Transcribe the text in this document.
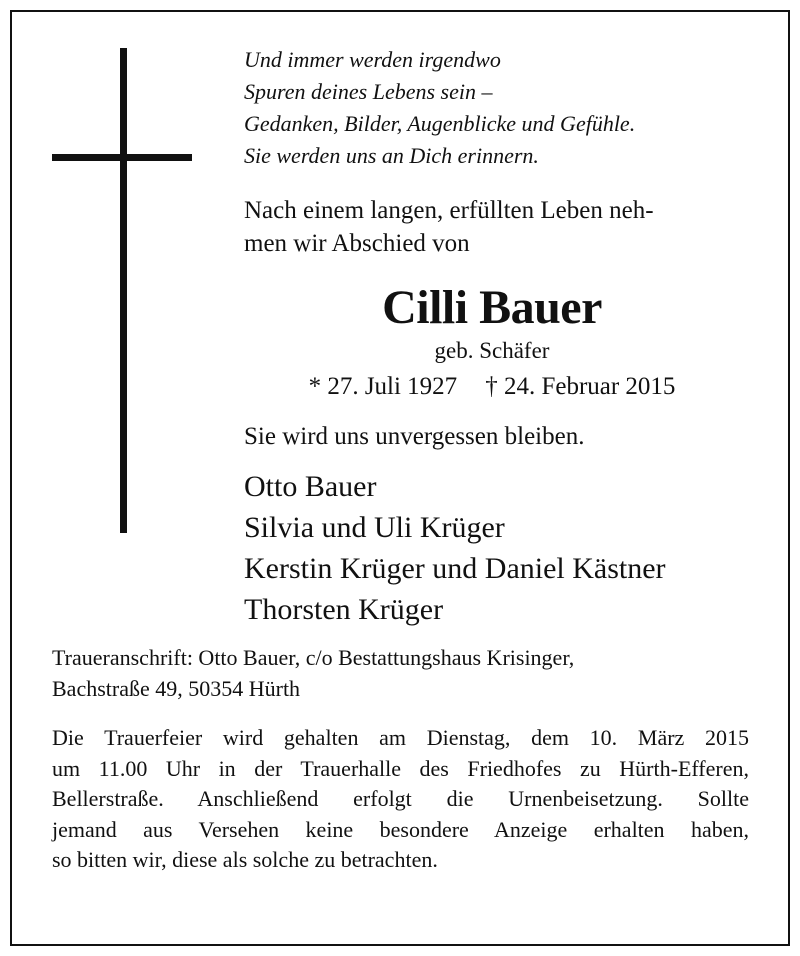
Und immer werden irgendwo
Spuren deines Lebens sein –
Gedanken, Bilder, Augenblicke und Gefühle.
Sie werden uns an Dich erinnern.
Nach einem langen, erfüllten Leben neh-
men wir Abschied von
Cilli Bauer
geb. Schäfer
* 27. Juli 1927 † 24. Februar 2015
Sie wird uns unvergessen bleiben.
Otto Bauer
Silvia und Uli Krüger
Kerstin Krüger und Daniel Kästner
Thorsten Krüger
Traueranschrift: Otto Bauer, c/o Bestattungshaus Krisinger,
Bachstraße 49, 50354 Hürth
Die Trauerfeier wird gehalten am Dienstag, dem 10. März 2015
um 11.00 Uhr in der Trauerhalle des Friedhofes zu Hürth-Efferen,
Bellerstraße. Anschließend erfolgt die Urnenbeisetzung. Sollte
jemand aus Versehen keine besondere Anzeige erhalten haben,
so bitten wir, diese als solche zu betrachten.
